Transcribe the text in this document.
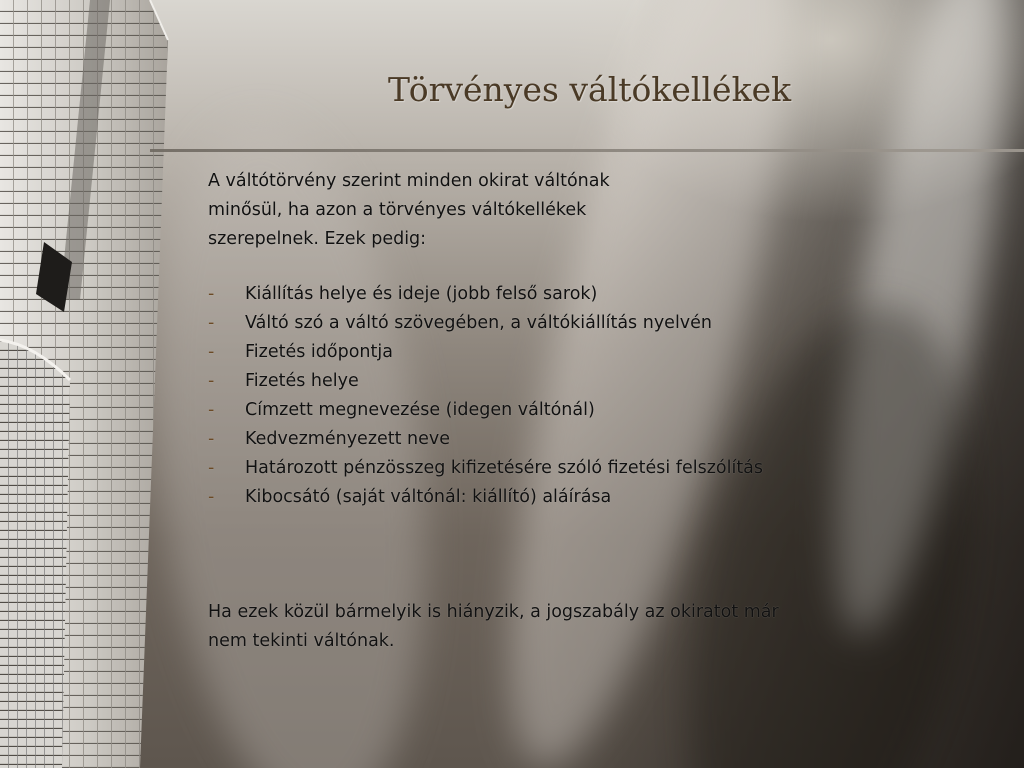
Törvényes váltókellékek

A váltótörvény szerint minden okirat váltónak
minősül, ha azon a törvényes váltókellékek
szerepelnek. Ezek pedig:

- Kiállítás helye és ideje (jobb felső sarok)
- Váltó szó a váltó szövegében, a váltókiállítás nyelvén
- Fizetés időpontja
- Fizetés helye
- Címzett megnevezése (idegen váltónál)
- Kedvezményezett neve
- Határozott pénzösszeg kifizetésére szóló fizetési felszólítás
- Kibocsátó (saját váltónál: kiállító) aláírása

Ha ezek közül bármelyik is hiányzik, a jogszabály az okiratot már
nem tekinti váltónak.
